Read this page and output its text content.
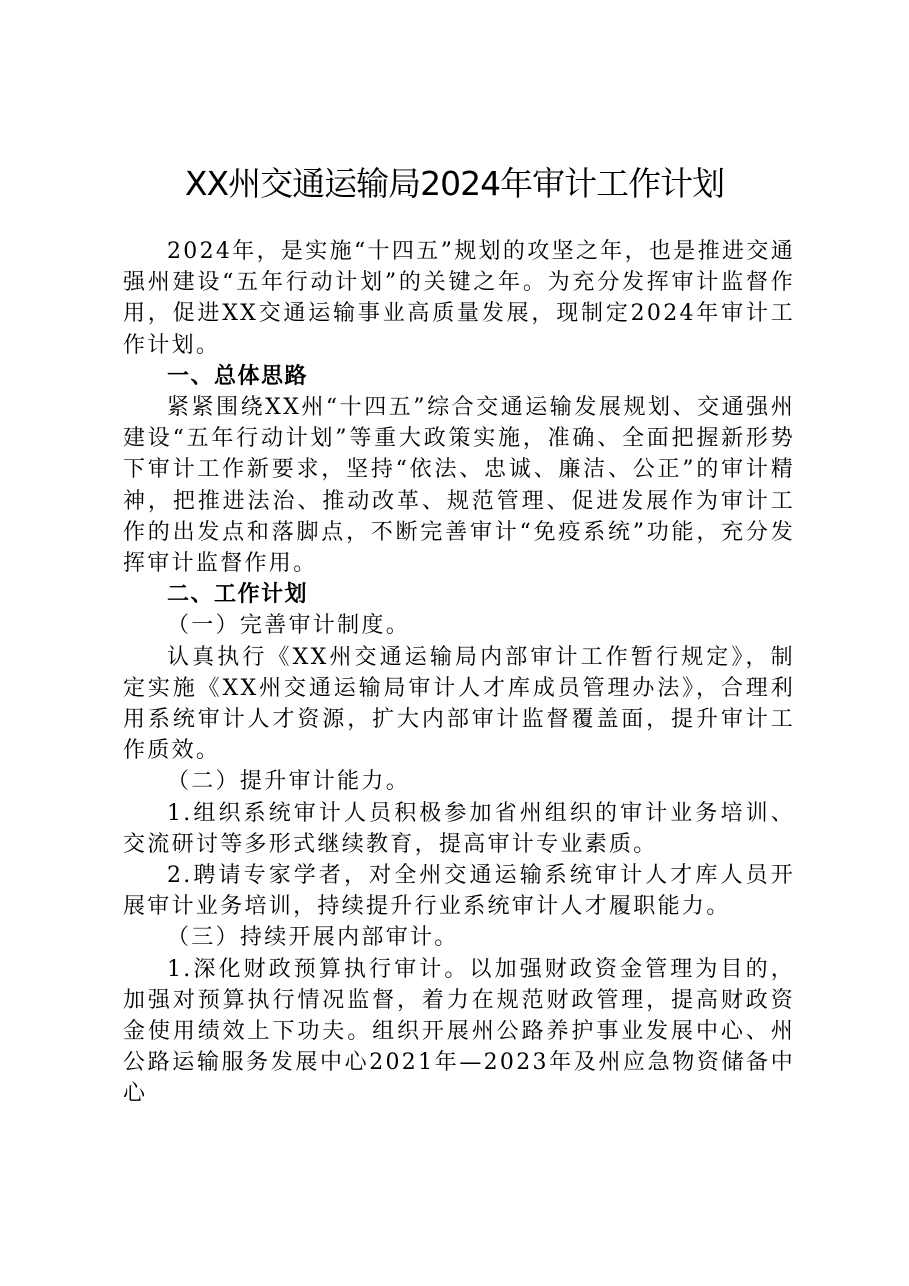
XX州交通运输局2024年审计工作计划

2024年，是实施“十四五”规划的攻坚之年，也是推进交通强州建设“五年行动计划”的关键之年。为充分发挥审计监督作用，促进XX交通运输事业高质量发展，现制定2024年审计工作计划。

一、总体思路

紧紧围绕XX州“十四五”综合交通运输发展规划、交通强州建设“五年行动计划”等重大政策实施，准确、全面把握新形势下审计工作新要求，坚持“依法、忠诚、廉洁、公正”的审计精神，把推进法治、推动改革、规范管理、促进发展作为审计工作的出发点和落脚点，不断完善审计“免疫系统”功能，充分发挥审计监督作用。

二、工作计划

（一）完善审计制度。

认真执行《XX州交通运输局内部审计工作暂行规定》，制定实施《XX州交通运输局审计人才库成员管理办法》，合理利用系统审计人才资源，扩大内部审计监督覆盖面，提升审计工作质效。

（二）提升审计能力。

1.组织系统审计人员积极参加省州组织的审计业务培训、交流研讨等多形式继续教育，提高审计专业素质。

2.聘请专家学者，对全州交通运输系统审计人才库人员开展审计业务培训，持续提升行业系统审计人才履职能力。

（三）持续开展内部审计。

1.深化财政预算执行审计。以加强财政资金管理为目的，加强对预算执行情况监督，着力在规范财政管理，提高财政资金使用绩效上下功夫。组织开展州公路养护事业发展中心、州公路运输服务发展中心2021年—2023年及州应急物资储备中心
